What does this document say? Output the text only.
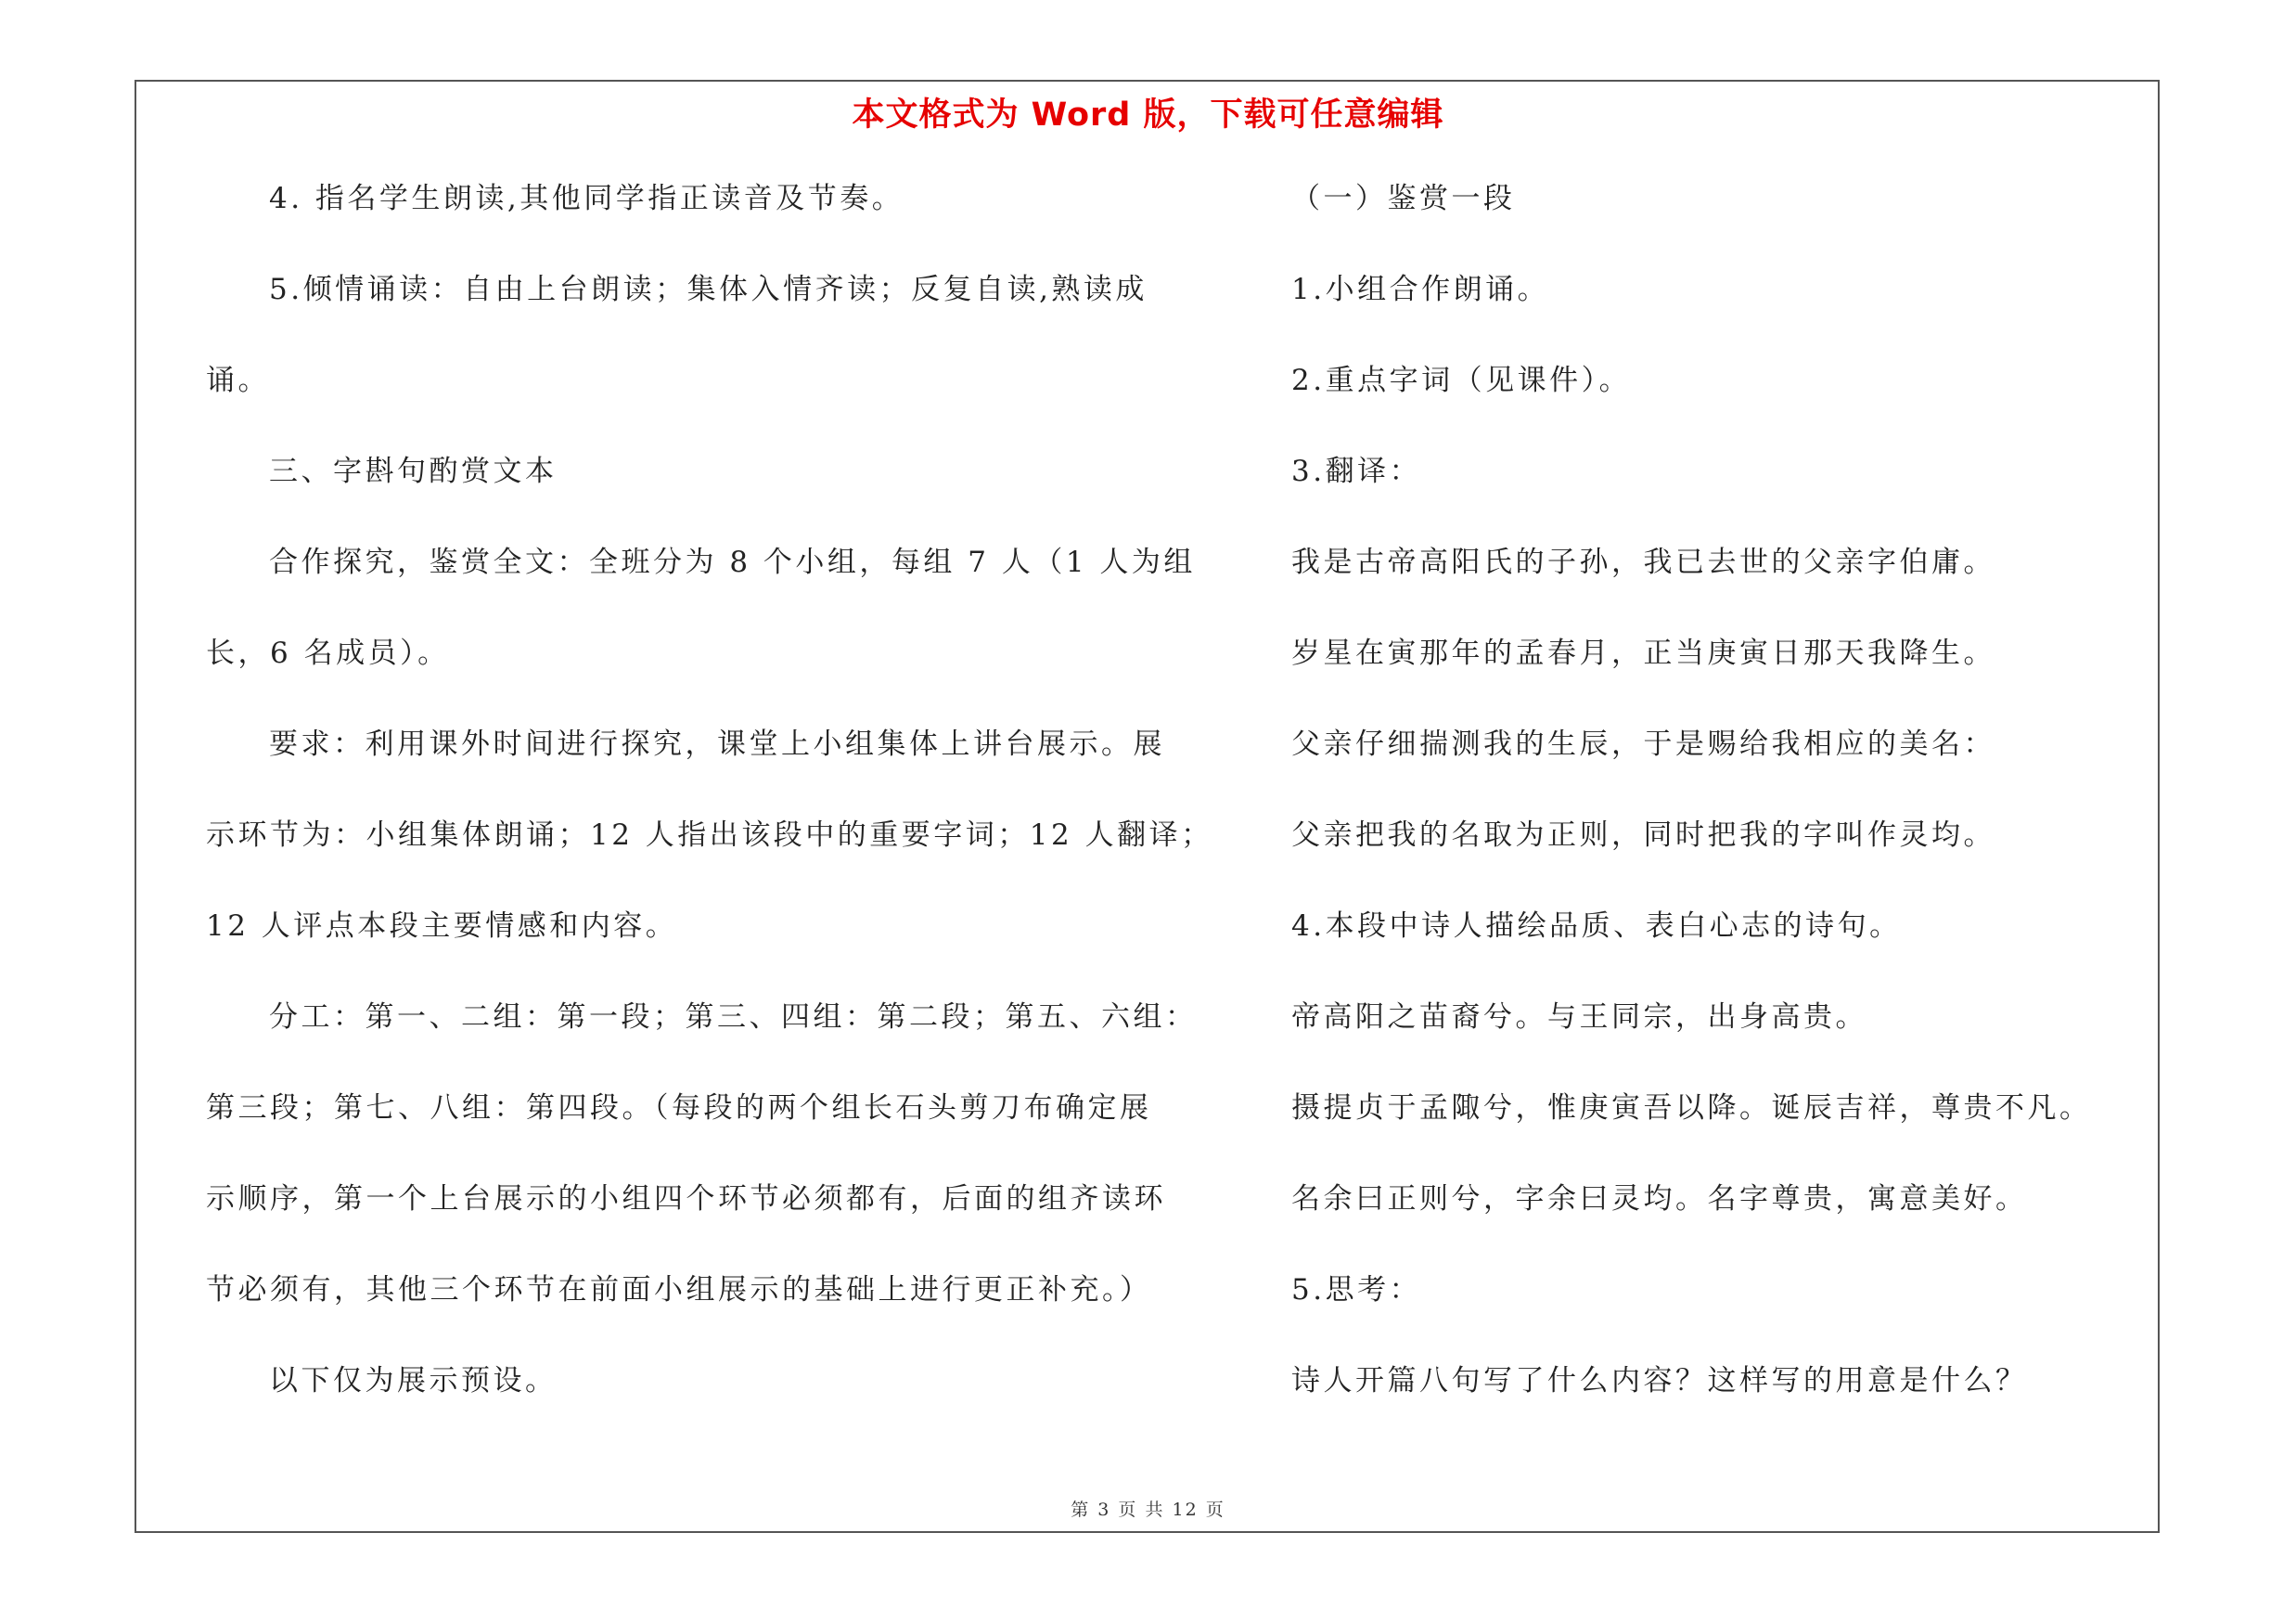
本文格式为 Word 版，下载可任意编辑
4. 指名学生朗读,其他同学指正读音及节奏。
5.倾情诵读：自由上台朗读；集体入情齐读；反复自读,熟读成
诵。
三、字斟句酌赏文本
合作探究，鉴赏全文：全班分为 8 个小组，每组 7 人（1 人为组
长，6 名成员）。
要求：利用课外时间进行探究，课堂上小组集体上讲台展示。展
示环节为：小组集体朗诵；12 人指出该段中的重要字词；12 人翻译；
12 人评点本段主要情感和内容。
分工：第一、二组：第一段；第三、四组：第二段；第五、六组：
第三段；第七、八组：第四段。（每段的两个组长石头剪刀布确定展
示顺序，第一个上台展示的小组四个环节必须都有，后面的组齐读环
节必须有，其他三个环节在前面小组展示的基础上进行更正补充。）
以下仅为展示预设。
（一）鉴赏一段
1.小组合作朗诵。
2.重点字词（见课件）。
3.翻译：
我是古帝高阳氏的子孙，我已去世的父亲字伯庸。
岁星在寅那年的孟春月，正当庚寅日那天我降生。
父亲仔细揣测我的生辰，于是赐给我相应的美名：
父亲把我的名取为正则，同时把我的字叫作灵均。
4.本段中诗人描绘品质、表白心志的诗句。
帝高阳之苗裔兮。与王同宗，出身高贵。
摄提贞于孟陬兮，惟庚寅吾以降。诞辰吉祥，尊贵不凡。
名余曰正则兮，字余曰灵均。名字尊贵，寓意美好。
5.思考：
诗人开篇八句写了什么内容？这样写的用意是什么？
第 3 页 共 12 页
